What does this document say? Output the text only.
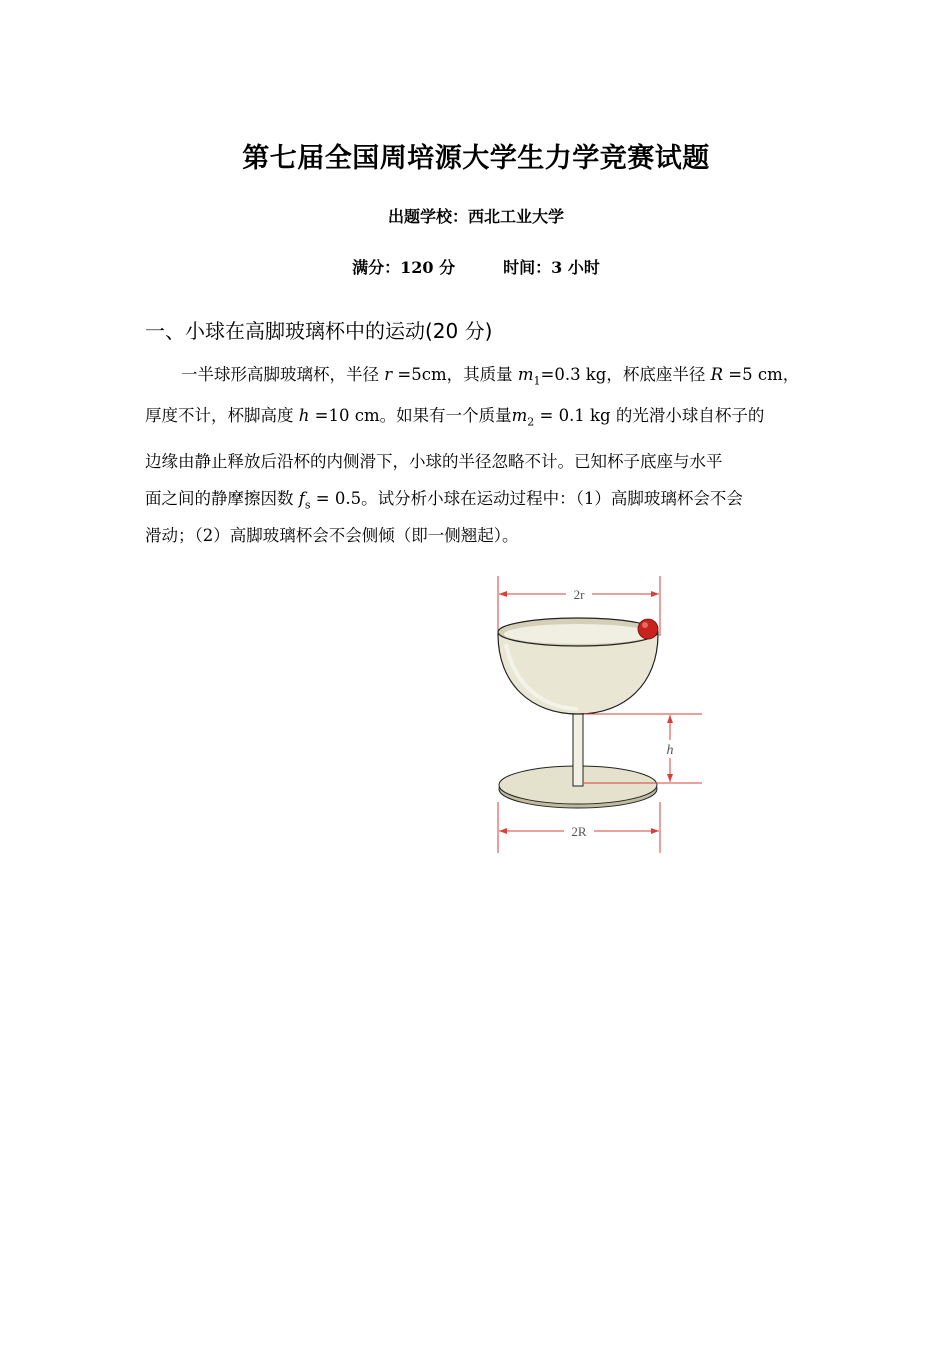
第七届全国周培源大学生力学竞赛试题
出题学校：西北工业大学
满分：120 分	时间：3 小时
一、小球在高脚玻璃杯中的运动(20 分)
一半球形高脚玻璃杯，半径 r =5cm，其质量 $m_1=0.3$ kg，杯底座半径 R =5 cm，
厚度不计，杯脚高度 h =10 cm。如果有一个质量$m_2 = 0.1$ kg 的光滑小球自杯子的
边缘由静止释放后沿杯的内侧滑下，小球的半径忽略不计。已知杯子底座与水平
面之间的静摩擦因数 $f_s = 0.5$。试分析小球在运动过程中：（1）高脚玻璃杯会不会
滑动；（2）高脚玻璃杯会不会侧倾（即一侧翘起）。
2r
h
2R
